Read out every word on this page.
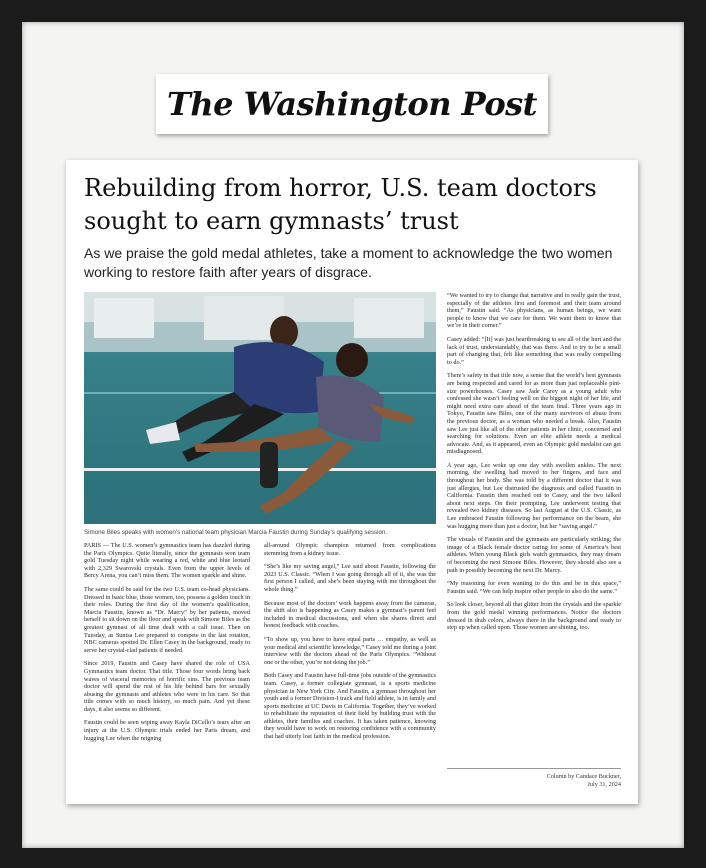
The Washington Post
Rebuilding from horror, U.S. team doctors sought to earn gymnasts’ trust
As we praise the gold medal athletes, take a moment to acknowledge the two women working to restore faith after years of disgrace.
Simone Biles speaks with women’s national team physician Marcia Faustin during Sunday’s qualifying session.

PARIS — The U.S. women’s gymnastics team has dazzled during the Paris Olympics. Quite literally, since the gymnasts won team gold Tuesday night while wearing a red, white and blue leotard with 2,329 Swarovski crystals. Even from the upper levels of Bercy Arena, you can’t miss them. The women sparkle and shine.

The same could be said for the two U.S. team co-head physicians. Dressed in basic blue, those women, too, possess a golden touch in their roles. During the first day of the women’s qualification, Marcia Faustin, known as “Dr. Marcy” by her patients, moved herself to sit down on the floor and speak with Simone Biles as the greatest gymnast of all time dealt with a calf issue. Then on Tuesday, as Sunisa Lee prepared to compete in the last rotation, NBC cameras spotted Dr. Ellen Casey in the background, ready to serve her crystal-clad patients if needed.

Since 2019, Faustin and Casey have shared the role of USA Gymnastics team doctor. That title. Those four words bring back waves of visceral memories of horrific sins. The previous team doctor will spend the rest of his life behind bars for sexually abusing the gymnasts and athletes who were in his care. So that title comes with so much history, so much pain. And yet these days, it also seems so different.

Faustin could be seen wiping away Kayla DiCello’s tears after an injury at the U.S. Olympic trials ended her Paris dream, and hugging Lee when the reigning

all-around Olympic champion returned from complications stemming from a kidney issue.

“She’s like my saving angel,” Lee said about Faustin, following the 2023 U.S. Classic. “When I was going through all of it, she was the first person I called, and she’s been staying with me throughout the whole thing.”

Because most of the doctors’ work happens away from the cameras, the shift also is happening as Casey makes a gymnast’s parent feel included in medical discussions, and when she shares direct and honest feedback with coaches.

“To show up, you have to have equal parts … empathy, as well as your medical and scientific knowledge,” Casey told me during a joint interview with the doctors ahead of the Paris Olympics. “Without one or the other, you’re not doing the job.”

Both Casey and Faustin have full-time jobs outside of the gymnastics team. Casey, a former collegiate gymnast, is a sports medicine physician in New York City. And Faustin, a gymnast throughout her youth and a former Division-I track and field athlete, is in family and sports medicine at UC Davis in California. Together, they’ve worked to rehabilitate the reputation of their field by building trust with the athletes, their families and coaches. It has taken patience, knowing they would have to work on restoring confidence with a community that had utterly lost faith in the medical profession.

“We wanted to try to change that narrative and to really gain the trust, especially of the athletes first and foremost and their team around them,” Faustin said. “As physicians, as human beings, we want people to know that we care for them. We want them to know that we’re in their corner.”

Casey added: “[It] was just heartbreaking to see all of the hurt and the lack of trust, understandably, that was there. And to try to be a small part of changing that, felt like something that was really compelling to do.”

There’s safety in that title now, a sense that the world’s best gymnasts are being respected and cared for as more than just replaceable pint-size powerhouses. Casey saw Jade Carey as a young adult who confessed she wasn’t feeling well on the biggest night of her life, and might need extra care ahead of the team final. Three years ago in Tokyo, Faustin saw Biles, one of the many survivors of abuse from the previous doctor, as a woman who needed a break. Also, Faustin saw Lee just like all of the other patients in her clinic, concerned and searching for solutions. Even an elite athlete needs a medical advocate. And, as it appeared, even an Olympic gold medalist can get misdiagnosed.

A year ago, Lee woke up one day with swollen ankles. The next morning, the swelling had moved to her fingers, and face and throughout her body. She was told by a different doctor that it was just allergies, but Lee distrusted the diagnosis and called Faustin in California. Faustin then reached out to Casey, and the two talked about next steps. On their prompting, Lee underwent testing that revealed two kidney diseases. So last August at the U.S. Classic, as Lee embraced Faustin following her performance on the beam, she was hugging more than just a doctor, but her “saving angel.”

The visuals of Faustin and the gymnasts are particularly striking; the image of a Black female doctor caring for some of America’s best athletes. When young Black girls watch gymnastics, they may dream of becoming the next Simone Biles. However, they should also see a path in possibly becoming the next Dr. Marcy.

“My reasoning for even wanting to do this and be in this space,” Faustin said. “We can help inspire other people to also do the same.”

So look closer, beyond all that glitter from the crystals and the sparkle from the gold medal winning performances. Notice the doctors dressed in drab colors, always there in the background and ready to step up when called upon. Those women are shining, too.

Column by Candace Buckner,
July 31, 2024
